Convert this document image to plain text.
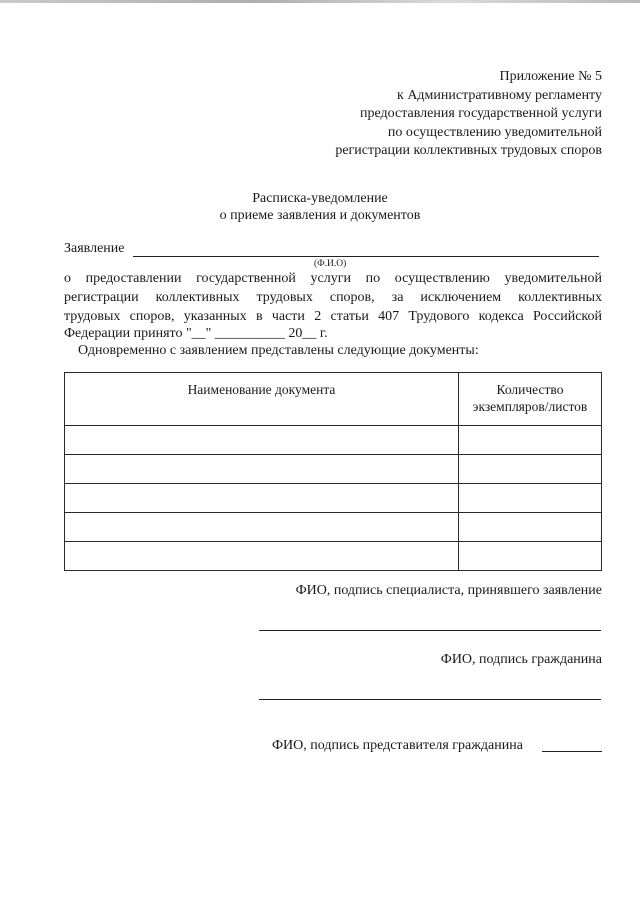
Приложение № 5
к Административному регламенту
предоставления государственной услуги
по осуществлению уведомительной
регистрации коллективных трудовых споров
Расписка-уведомление
о приеме заявления и документов
Заявление
(Ф.И.О)
о предоставлении государственной услуги по осуществлению уведомительной
регистрации коллективных трудовых споров, за исключением коллективных
трудовых споров, указанных в части 2 статьи 407 Трудового кодекса Российской
Федерации принято "__" __________ 20__ г.
Одновременно с заявлением представлены следующие документы:
Наименование документа	Количество экземпляров/листов

ФИО, подпись специалиста, принявшего заявление
ФИО, подпись гражданина
ФИО, подпись представителя гражданина
